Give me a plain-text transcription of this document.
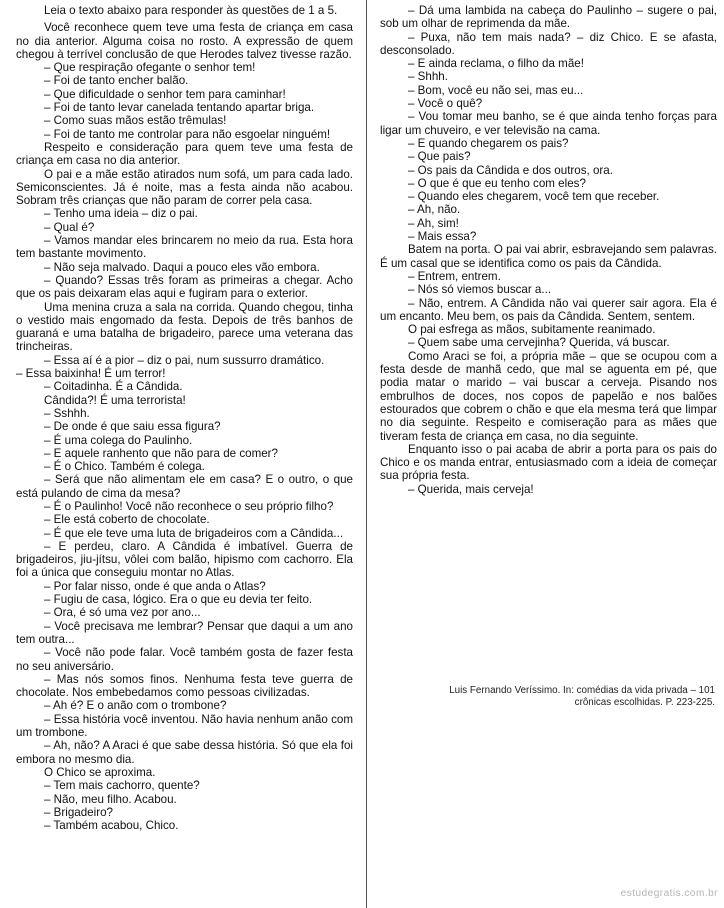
Leia o texto abaixo para responder às questões de 1 a 5.

Você reconhece quem teve uma festa de criança em casa no dia anterior. Alguma coisa no rosto. A expressão de quem chegou à terrível conclusão de que Herodes talvez tivesse razão.

– Que respiração ofegante o senhor tem!

– Foi de tanto encher balão.

– Que dificuldade o senhor tem para caminhar!

– Foi de tanto levar canelada tentando apartar briga.

– Como suas mãos estão trêmulas!

– Foi de tanto me controlar para não esgoelar ninguém!

Respeito e consideração para quem teve uma festa de criança em casa no dia anterior.

O pai e a mãe estão atirados num sofá, um para cada lado. Semiconscientes. Já é noite, mas a festa ainda não acabou. Sobram três crianças que não param de correr pela casa.

– Tenho uma ideia – diz o pai.

– Qual é?

– Vamos mandar eles brincarem no meio da rua. Esta hora tem bastante movimento.

– Não seja malvado. Daqui a pouco eles vão embora.

– Quando? Essas três foram as primeiras a chegar. Acho que os pais deixaram elas aqui e fugiram para o exterior.

Uma menina cruza a sala na corrida. Quando chegou, tinha o vestido mais engomado da festa. Depois de três banhos de guaraná e uma batalha de brigadeiro, parece uma veterana das trincheiras.

– Essa aí é a pior – diz o pai, num sussurro dramático.

– Essa baixinha! É um terror!

– Coitadinha. É a Cândida.

Cândida?! É uma terrorista!

– Sshhh.

– De onde é que saiu essa figura?

– É uma colega do Paulinho.

– E aquele ranhento que não para de comer?

– É o Chico. Também é colega.

– Será que não alimentam ele em casa? E o outro, o que está pulando de cima da mesa?

– É o Paulinho! Você não reconhece o seu próprio filho?

– Ele está coberto de chocolate.

– É que ele teve uma luta de brigadeiros com a Cândida...

– E perdeu, claro. A Cândida é imbatível. Guerra de brigadeiros, jiu-jítsu, vôlei com balão, hipismo com cachorro. Ela foi a única que conseguiu montar no Atlas.

– Por falar nisso, onde é que anda o Atlas?

– Fugiu de casa, lógico. Era o que eu devia ter feito.

– Ora, é só uma vez por ano...

– Você precisava me lembrar? Pensar que daqui a um ano tem outra...

– Você não pode falar. Você também gosta de fazer festa no seu aniversário.

– Mas nós somos finos. Nenhuma festa teve guerra de chocolate. Nos embebedamos como pessoas civilizadas.

– Ah é? E o anão com o trombone?

– Essa história você inventou. Não havia nenhum anão com um trombone.

– Ah, não? A Araci é que sabe dessa história. Só que ela foi embora no mesmo dia.

O Chico se aproxima.

– Tem mais cachorro, quente?

– Não, meu filho. Acabou.

– Brigadeiro?

– Também acabou, Chico.

– Dá uma lambida na cabeça do Paulinho – sugere o pai, sob um olhar de reprimenda da mãe.

– Puxa, não tem mais nada? – diz Chico. E se afasta, desconsolado.

– E ainda reclama, o filho da mãe!

– Shhh.

– Bom, você eu não sei, mas eu...

– Você o quê?

– Vou tomar meu banho, se é que ainda tenho forças para ligar um chuveiro, e ver televisão na cama.

– E quando chegarem os pais?

– Que pais?

– Os pais da Cândida e dos outros, ora.

– O que é que eu tenho com eles?

– Quando eles chegarem, você tem que receber.

– Ah, não.

– Ah, sim!

– Mais essa?

Batem na porta. O pai vai abrir, esbravejando sem palavras. É um casal que se identifica como os pais da Cândida.

– Entrem, entrem.

– Nós só viemos buscar a...

– Não, entrem. A Cândida não vai querer sair agora. Ela é um encanto. Meu bem, os pais da Cândida. Sentem, sentem.

O pai esfrega as mãos, subitamente reanimado.

– Quem sabe uma cervejinha? Querida, vá buscar.

Como Araci se foi, a própria mãe – que se ocupou com a festa desde de manhã cedo, que mal se aguenta em pé, que podia matar o marido – vai buscar a cerveja. Pisando nos embrulhos de doces, nos copos de papelão e nos balões estourados que cobrem o chão e que ela mesma terá que limpar no dia seguinte. Respeito e comiseração para as mães que tiveram festa de criança em casa, no dia seguinte.

Enquanto isso o pai acaba de abrir a porta para os pais do Chico e os manda entrar, entusiasmado com a ideia de começar sua própria festa.

– Querida, mais cerveja!

Luis Fernando Veríssimo. In: comédias da vida privada – 101
crônicas escolhidas. P. 223-225.
estudegratis.com.br
